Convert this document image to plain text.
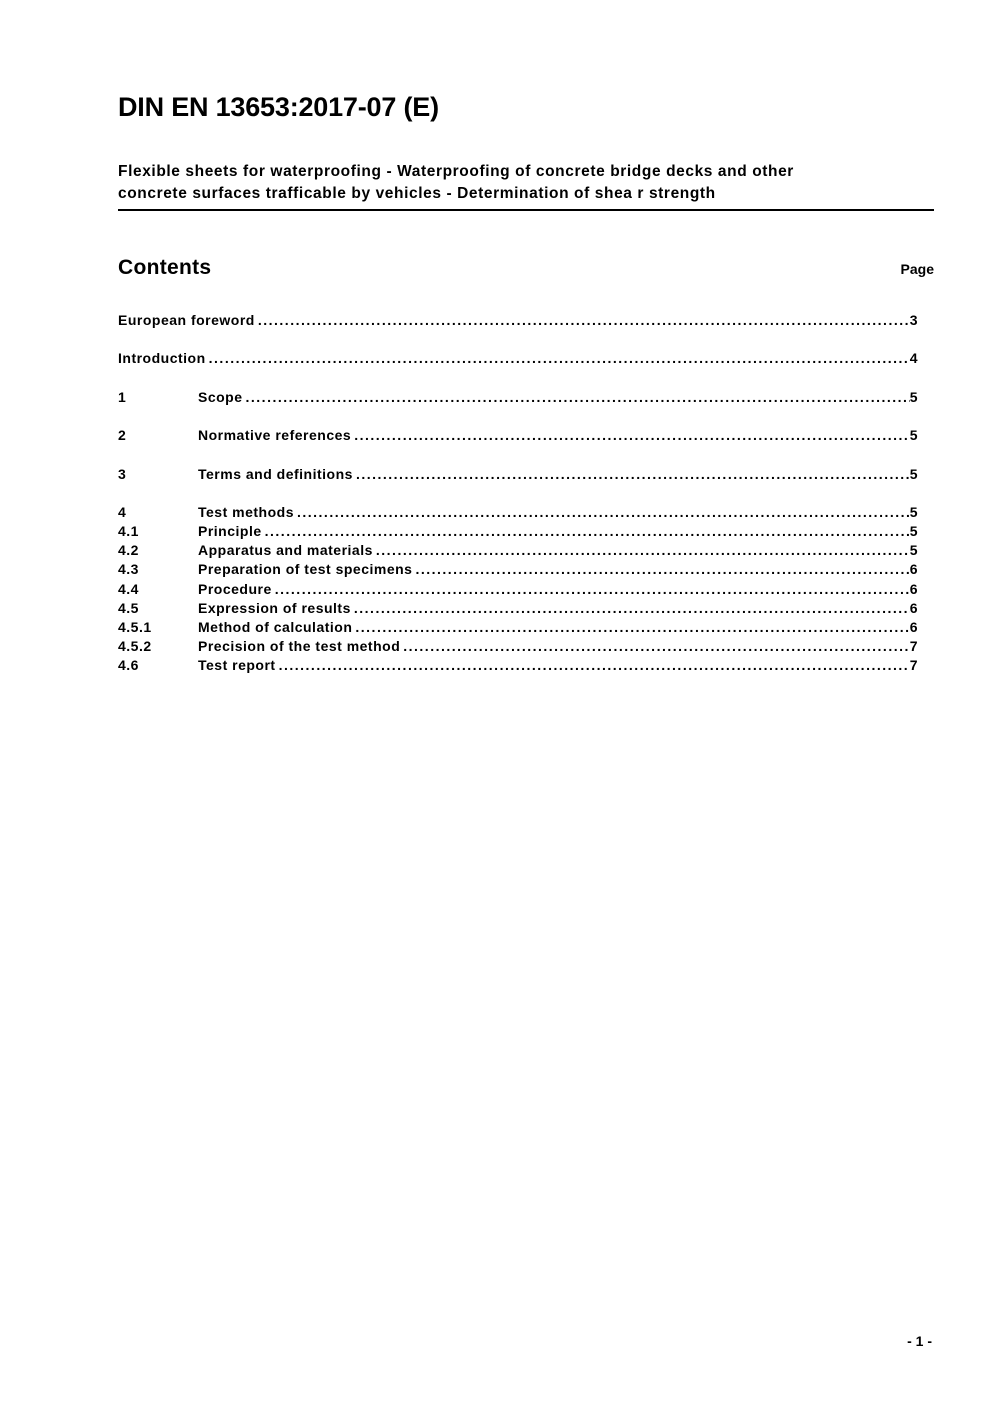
DIN EN 13653:2017-07 (E)
Flexible sheets for waterproofing - Waterproofing of concrete bridge decks and other
concrete surfaces trafficable by vehicles - Determination of shea r strength
Contents	Page
European foreword .....	3
Introduction .....	4
1	Scope .....	5
2	Normative references .....	5
3	Terms and definitions .....	5
4	Test methods .....	5
4.1	Principle .....	5
4.2	Apparatus and materials .....	5
4.3	Preparation of test specimens .....	6
4.4	Procedure .....	6
4.5	Expression of results .....	6
4.5.1	Method of calculation .....	6
4.5.2	Precision of the test method .....	7
4.6	Test report .....	7
- 1 -
